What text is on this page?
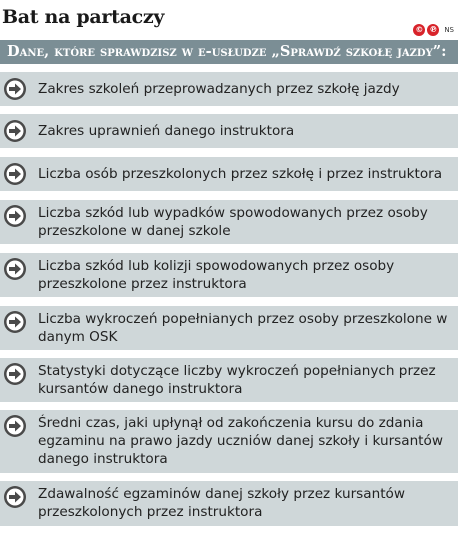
Bat na partaczy
© ℗ NS
Dane, które sprawdzisz w e-usłudze „Sprawdź szkołę jazdy”:
Zakres szkoleń przeprowadzanych przez szkołę jazdy
Zakres uprawnień danego instruktora
Liczba osób przeszkolonych przez szkołę i przez instruktora
Liczba szkód lub wypadków spowodowanych przez osoby przeszkolone w danej szkole
Liczba szkód lub kolizji spowodowanych przez osoby przeszkolone przez instruktora
Liczba wykroczeń popełnianych przez osoby przeszkolone w danym OSK
Statystyki dotyczące liczby wykroczeń popełnianych przez kursantów danego instruktora
Średni czas, jaki upłynął od zakończenia kursu do zdania egzaminu na prawo jazdy uczniów danej szkoły i kursantów danego instruktora
Zdawalność egzaminów danej szkoły przez kursantów przeszkolonych przez instruktora
